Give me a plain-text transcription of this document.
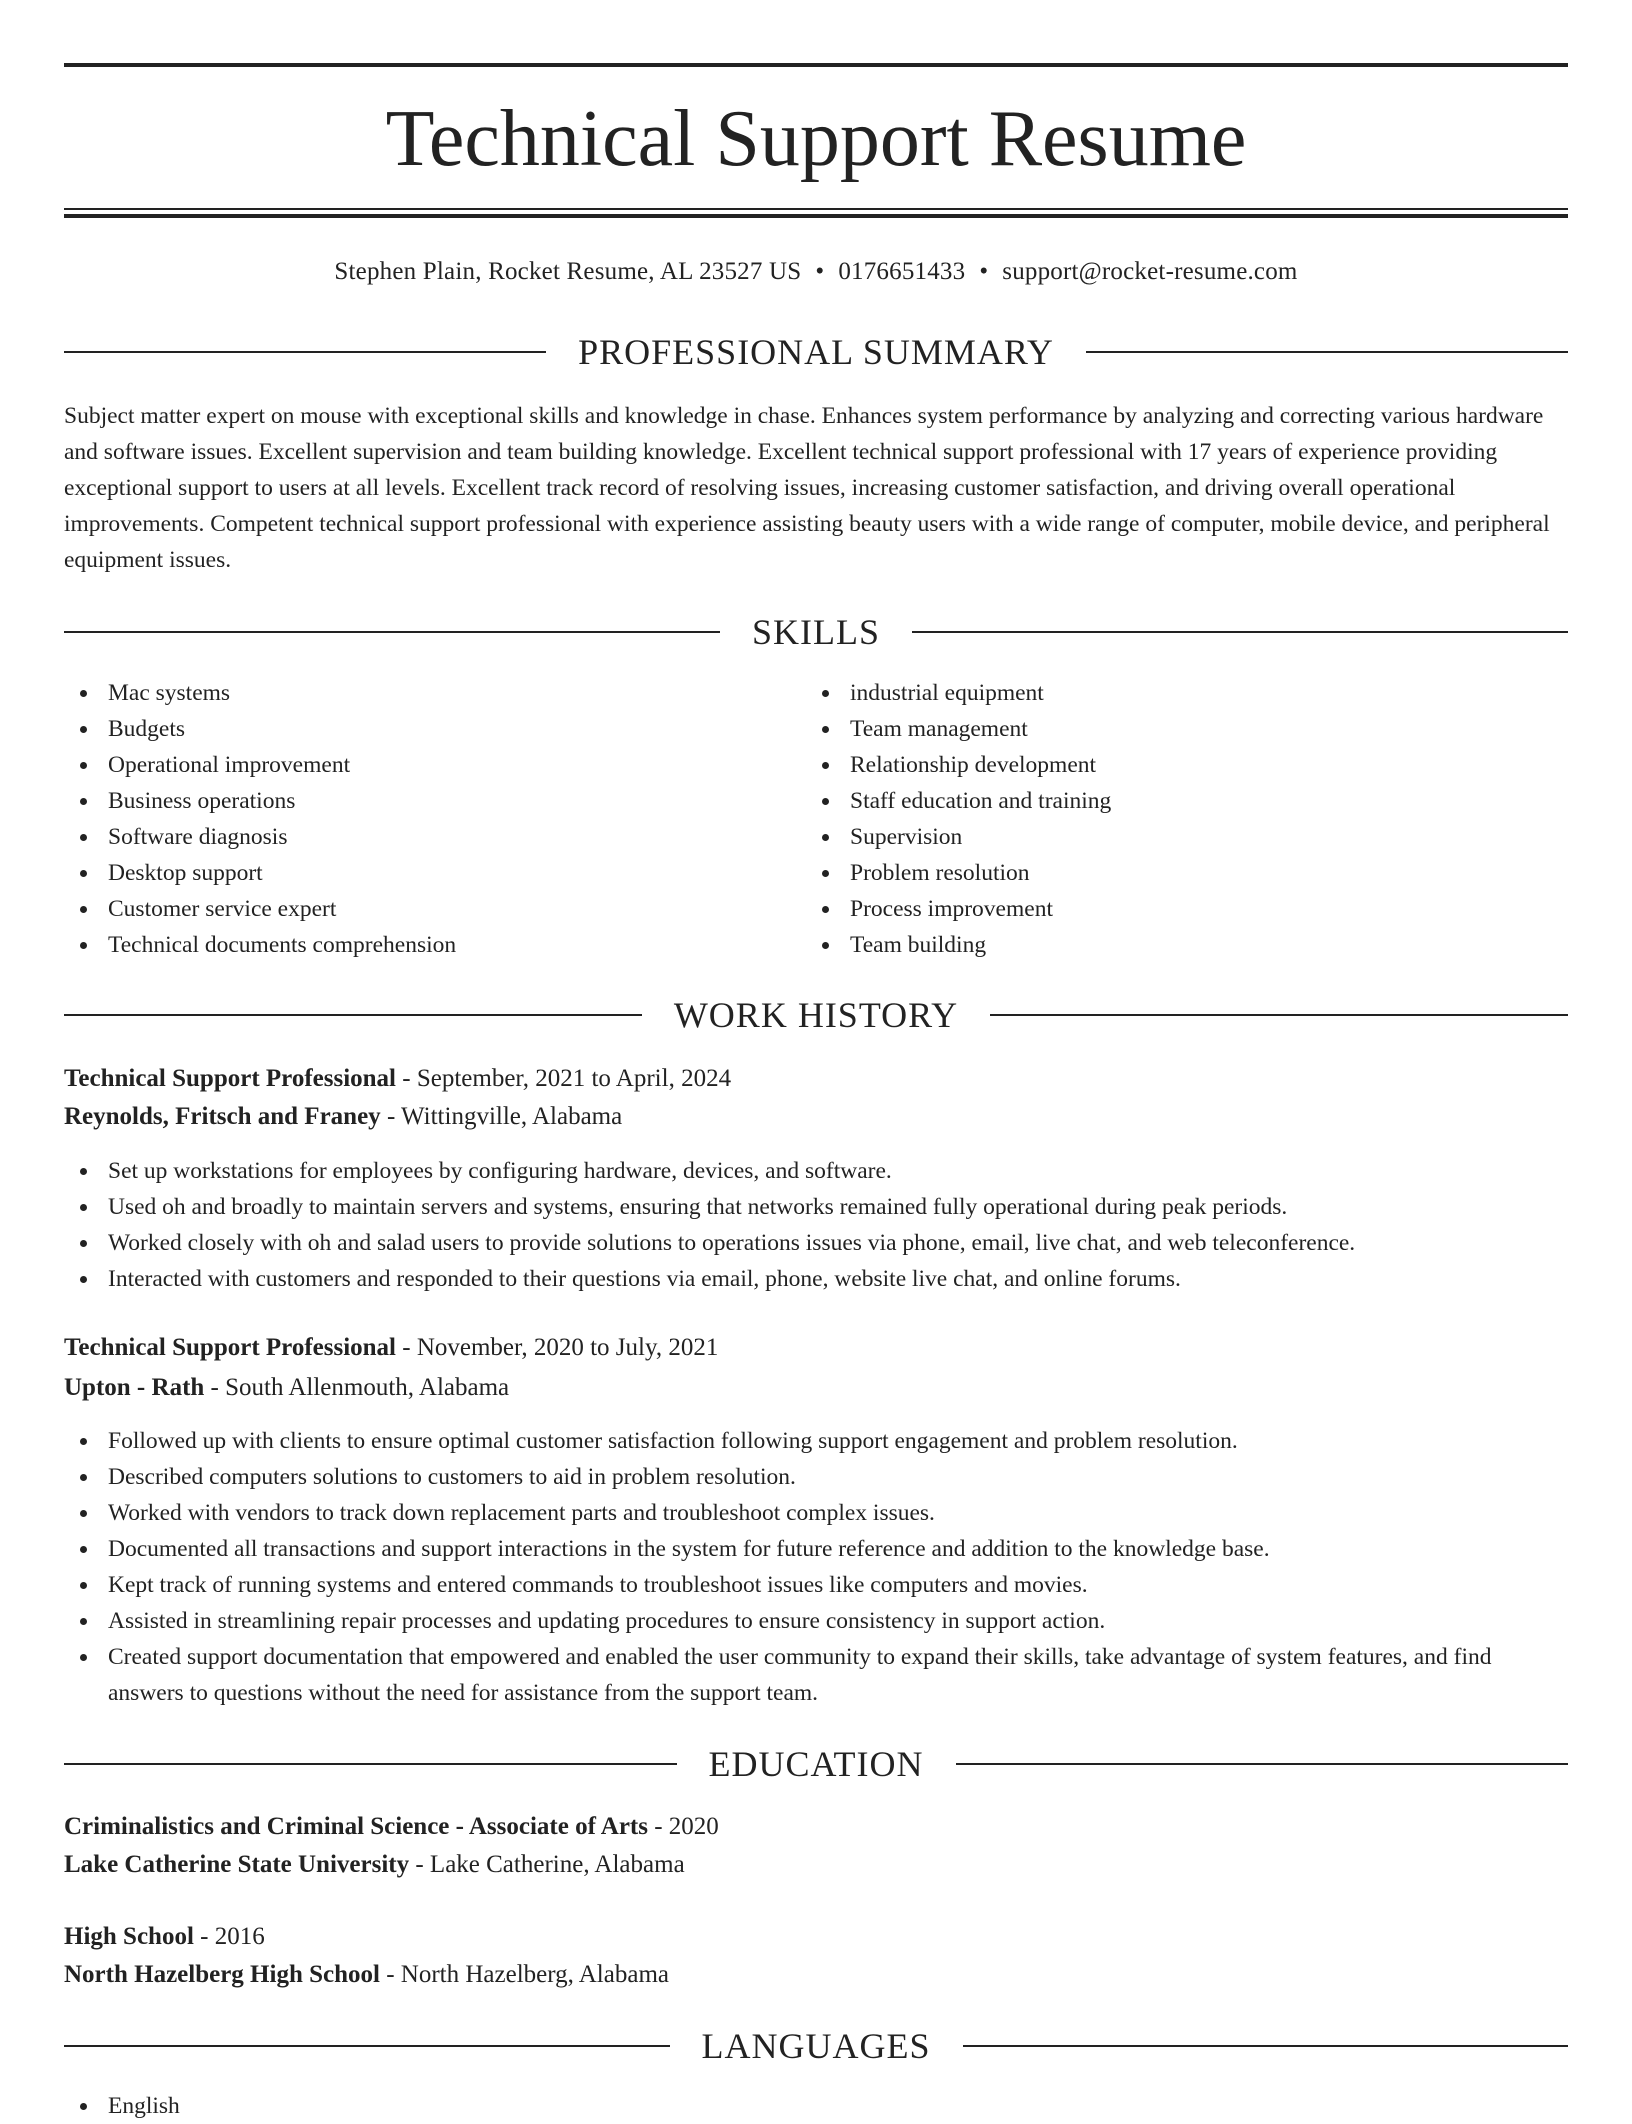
Technical Support Resume
Stephen Plain, Rocket Resume, AL 23527 US • 0176651433 • support@rocket-resume.com
PROFESSIONAL SUMMARY

Subject matter expert on mouse with exceptional skills and knowledge in chase. Enhances system performance by analyzing and correcting various hardware and software issues. Excellent supervision and team building knowledge. Excellent technical support professional with 17 years of experience providing exceptional support to users at all levels. Excellent track record of resolving issues, increasing customer satisfaction, and driving overall operational improvements. Competent technical support professional with experience assisting beauty users with a wide range of computer, mobile device, and peripheral equipment issues.

SKILLS
Mac systems
Budgets
Operational improvement
Business operations
Software diagnosis
Desktop support
Customer service expert
Technical documents comprehension
industrial equipment
Team management
Relationship development
Staff education and training
Supervision
Problem resolution
Process improvement
Team building
WORK HISTORY
Technical Support Professional - September, 2021 to April, 2024
Reynolds, Fritsch and Franey - Wittingville, Alabama
Set up workstations for employees by configuring hardware, devices, and software.
Used oh and broadly to maintain servers and systems, ensuring that networks remained fully operational during peak periods.
Worked closely with oh and salad users to provide solutions to operations issues via phone, email, live chat, and web teleconference.
Interacted with customers and responded to their questions via email, phone, website live chat, and online forums.
Technical Support Professional - November, 2020 to July, 2021
Upton - Rath - South Allenmouth, Alabama
Followed up with clients to ensure optimal customer satisfaction following support engagement and problem resolution.
Described computers solutions to customers to aid in problem resolution.
Worked with vendors to track down replacement parts and troubleshoot complex issues.
Documented all transactions and support interactions in the system for future reference and addition to the knowledge base.
Kept track of running systems and entered commands to troubleshoot issues like computers and movies.
Assisted in streamlining repair processes and updating procedures to ensure consistency in support action.
Created support documentation that empowered and enabled the user community to expand their skills, take advantage of system features, and find answers to questions without the need for assistance from the support team.
EDUCATION
Criminalistics and Criminal Science - Associate of Arts - 2020
Lake Catherine State University - Lake Catherine, Alabama
High School - 2016
North Hazelberg High School - North Hazelberg, Alabama
LANGUAGES
English
